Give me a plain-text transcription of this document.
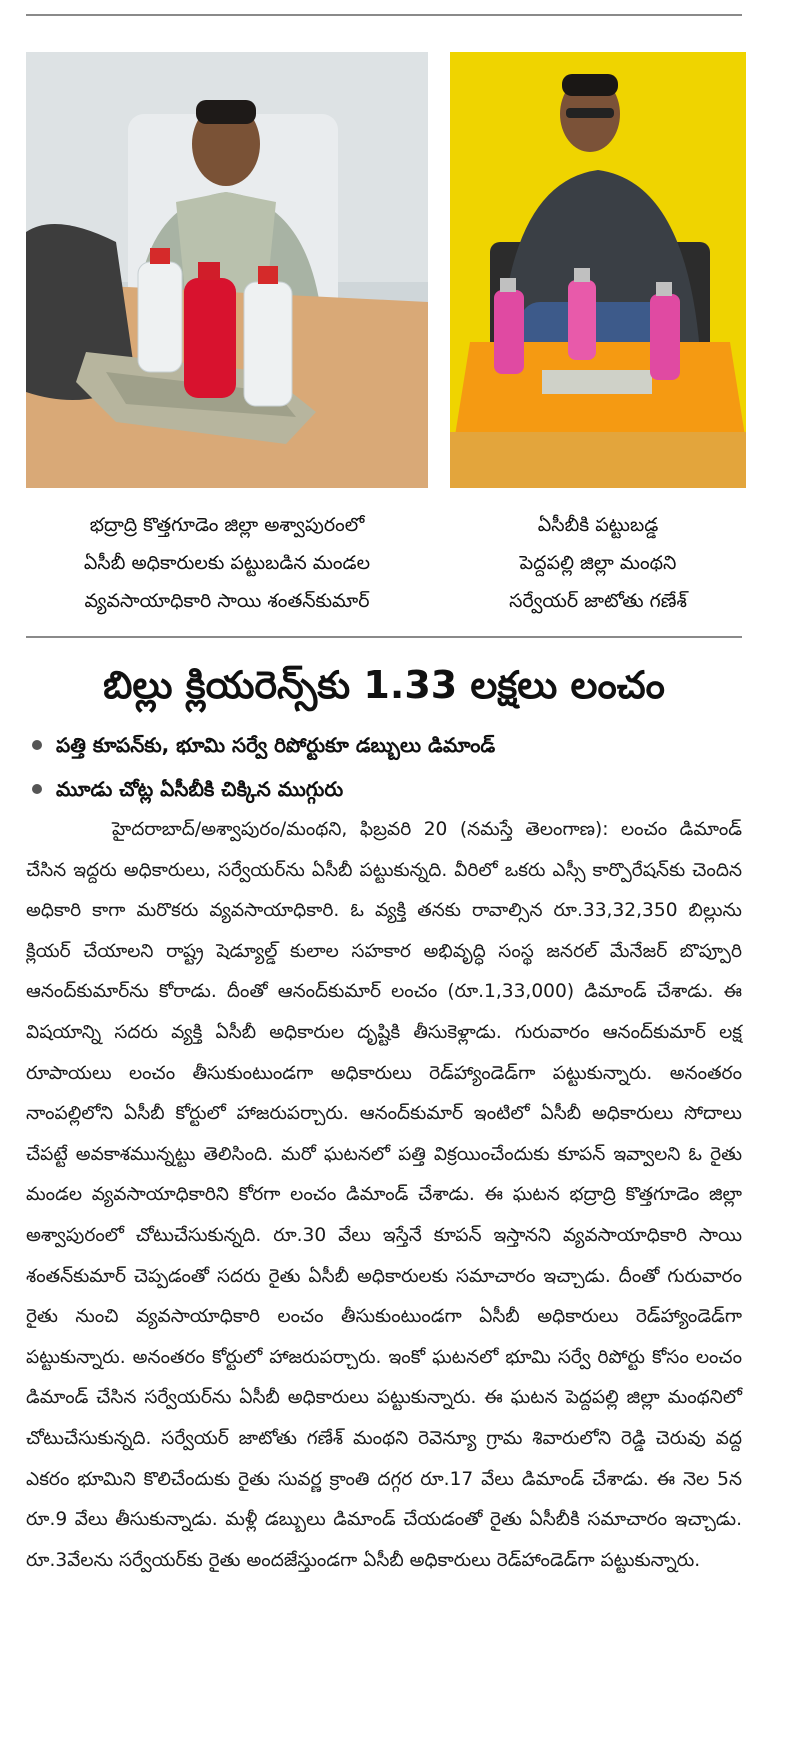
భద్రాద్రి కొత్తగూడెం జిల్లా అశ్వాపురంలో

ఏసీబీ అధికారులకు పట్టుబడిన మండల

వ్యవసాయాధికారి సాయి శంతన్‌కుమార్

ఏసీబీకి పట్టుబడ్డ

పెద్దపల్లి జిల్లా మంథని

సర్వేయర్ జాటోతు గణేశ్

బిల్లు క్లియరెన్స్‌కు 1.33 లక్షలు లంచం
పత్తి కూపన్‌కు, భూమి సర్వే రిపోర్టుకూ డబ్బులు డిమాండ్
మూడు చోట్ల ఏసీబీకి చిక్కిన ముగ్గురు

హైదరాబాద్/అశ్వాపురం/మంథని, ఫిబ్రవరి 20 (నమస్తే తెలంగాణ): లంచం డిమాండ్ చేసిన ఇద్దరు అధికారులు, సర్వేయర్‌ను ఏసీబీ పట్టుకున్నది. వీరిలో ఒకరు ఎస్సీ కార్పొరేషన్‌కు చెందిన అధికారి కాగా మరొకరు వ్యవసాయాధికారి. ఓ వ్యక్తి తనకు రావాల్సిన రూ.33,32,350 బిల్లును క్లియర్ చేయాలని రాష్ట్ర షెడ్యూల్డ్ కులాల సహకార అభివృద్ధి సంస్థ జనరల్ మేనేజర్ బొప్పూరి ఆనంద్‌కుమార్‌ను కోరాడు. దీంతో ఆనంద్‌కుమార్ లంచం (రూ.1,33,000) డిమాండ్ చేశాడు. ఈ విషయాన్ని సదరు వ్యక్తి ఏసీబీ అధికారుల దృష్టికి తీసుకెళ్లాడు. గురువారం ఆనంద్‌కుమార్ లక్ష రూపాయలు లంచం తీసుకుంటుండగా అధికారులు రెడ్‌హ్యాండెడ్‌గా పట్టుకున్నారు. అనంతరం నాంపల్లిలోని ఏసీబీ కోర్టులో హాజరుపర్చారు. ఆనంద్‌కుమార్ ఇంటిలో ఏసీబీ అధికారులు సోదాలు చేపట్టే అవకాశమున్నట్టు తెలిసింది. మరో ఘటనలో పత్తి విక్రయించేందుకు కూపన్ ఇవ్వాలని ఓ రైతు మండల వ్యవసాయాధికారిని కోరగా లంచం డిమాండ్ చేశాడు. ఈ ఘటన భద్రాద్రి కొత్తగూడెం జిల్లా అశ్వాపురంలో చోటుచేసుకున్నది. రూ.30 వేలు ఇస్తేనే కూపన్ ఇస్తానని వ్యవసాయాధికారి సాయి శంతన్‌కుమార్ చెప్పడంతో సదరు రైతు ఏసీబీ అధికారులకు సమాచారం ఇచ్చాడు. దీంతో గురువారం రైతు నుంచి వ్యవసాయాధికారి లంచం తీసుకుంటుండగా ఏసీబీ అధికారులు రెడ్‌హ్యాండెడ్‌గా పట్టుకున్నారు. అనంతరం కోర్టులో హాజరుపర్చారు. ఇంకో ఘటనలో భూమి సర్వే రిపోర్టు కోసం లంచం డిమాండ్ చేసిన సర్వేయర్‌ను ఏసీబీ అధికారులు పట్టుకున్నారు. ఈ ఘటన పెద్దపల్లి జిల్లా మంథనిలో చోటుచేసుకున్నది. సర్వేయర్ జాటోతు గణేశ్ మంథని రెవెన్యూ గ్రామ శివారులోని రెడ్డి చెరువు వద్ద ఎకరం భూమిని కొలిచేందుకు రైతు సువర్ణ క్రాంతి దగ్గర రూ.17 వేలు డిమాండ్ చేశాడు. ఈ నెల 5న రూ.9 వేలు తీసుకున్నాడు. మళ్లీ డబ్బులు డిమాండ్ చేయడంతో రైతు ఏసీబీకి సమాచారం ఇచ్చాడు. రూ.3వేలను సర్వేయర్‌కు రైతు అందజేస్తుండగా ఏసీబీ అధికారులు రెడ్‌హాండెడ్‌గా పట్టుకున్నారు.
